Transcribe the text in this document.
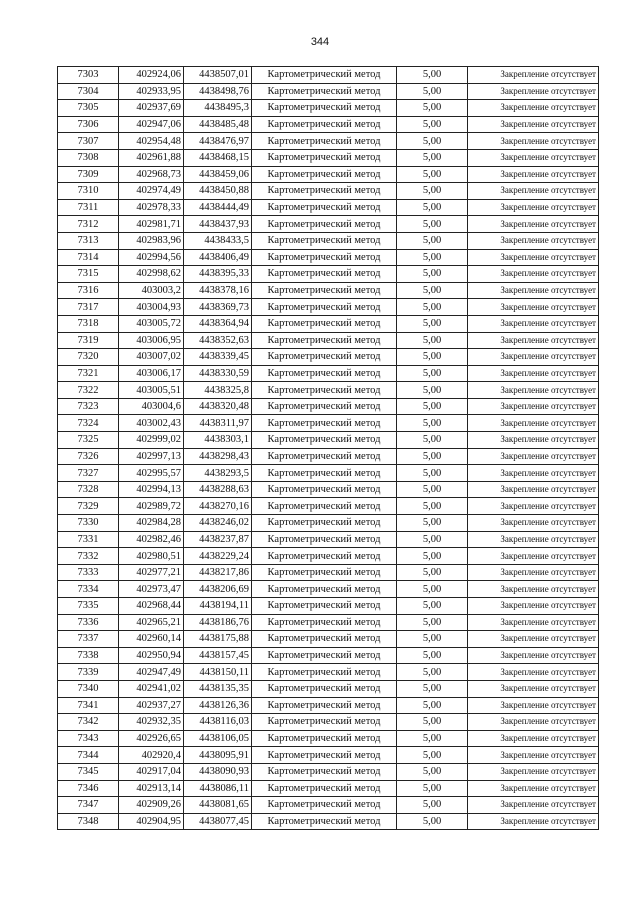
344
7303	402924,06	4438507,01	Картометрический метод	5,00	Закрепление отсутствует
7304	402933,95	4438498,76	Картометрический метод	5,00	Закрепление отсутствует
7305	402937,69	4438495,3	Картометрический метод	5,00	Закрепление отсутствует
7306	402947,06	4438485,48	Картометрический метод	5,00	Закрепление отсутствует
7307	402954,48	4438476,97	Картометрический метод	5,00	Закрепление отсутствует
7308	402961,88	4438468,15	Картометрический метод	5,00	Закрепление отсутствует
7309	402968,73	4438459,06	Картометрический метод	5,00	Закрепление отсутствует
7310	402974,49	4438450,88	Картометрический метод	5,00	Закрепление отсутствует
7311	402978,33	4438444,49	Картометрический метод	5,00	Закрепление отсутствует
7312	402981,71	4438437,93	Картометрический метод	5,00	Закрепление отсутствует
7313	402983,96	4438433,5	Картометрический метод	5,00	Закрепление отсутствует
7314	402994,56	4438406,49	Картометрический метод	5,00	Закрепление отсутствует
7315	402998,62	4438395,33	Картометрический метод	5,00	Закрепление отсутствует
7316	403003,2	4438378,16	Картометрический метод	5,00	Закрепление отсутствует
7317	403004,93	4438369,73	Картометрический метод	5,00	Закрепление отсутствует
7318	403005,72	4438364,94	Картометрический метод	5,00	Закрепление отсутствует
7319	403006,95	4438352,63	Картометрический метод	5,00	Закрепление отсутствует
7320	403007,02	4438339,45	Картометрический метод	5,00	Закрепление отсутствует
7321	403006,17	4438330,59	Картометрический метод	5,00	Закрепление отсутствует
7322	403005,51	4438325,8	Картометрический метод	5,00	Закрепление отсутствует
7323	403004,6	4438320,48	Картометрический метод	5,00	Закрепление отсутствует
7324	403002,43	4438311,97	Картометрический метод	5,00	Закрепление отсутствует
7325	402999,02	4438303,1	Картометрический метод	5,00	Закрепление отсутствует
7326	402997,13	4438298,43	Картометрический метод	5,00	Закрепление отсутствует
7327	402995,57	4438293,5	Картометрический метод	5,00	Закрепление отсутствует
7328	402994,13	4438288,63	Картометрический метод	5,00	Закрепление отсутствует
7329	402989,72	4438270,16	Картометрический метод	5,00	Закрепление отсутствует
7330	402984,28	4438246,02	Картометрический метод	5,00	Закрепление отсутствует
7331	402982,46	4438237,87	Картометрический метод	5,00	Закрепление отсутствует
7332	402980,51	4438229,24	Картометрический метод	5,00	Закрепление отсутствует
7333	402977,21	4438217,86	Картометрический метод	5,00	Закрепление отсутствует
7334	402973,47	4438206,69	Картометрический метод	5,00	Закрепление отсутствует
7335	402968,44	4438194,11	Картометрический метод	5,00	Закрепление отсутствует
7336	402965,21	4438186,76	Картометрический метод	5,00	Закрепление отсутствует
7337	402960,14	4438175,88	Картометрический метод	5,00	Закрепление отсутствует
7338	402950,94	4438157,45	Картометрический метод	5,00	Закрепление отсутствует
7339	402947,49	4438150,11	Картометрический метод	5,00	Закрепление отсутствует
7340	402941,02	4438135,35	Картометрический метод	5,00	Закрепление отсутствует
7341	402937,27	4438126,36	Картометрический метод	5,00	Закрепление отсутствует
7342	402932,35	4438116,03	Картометрический метод	5,00	Закрепление отсутствует
7343	402926,65	4438106,05	Картометрический метод	5,00	Закрепление отсутствует
7344	402920,4	4438095,91	Картометрический метод	5,00	Закрепление отсутствует
7345	402917,04	4438090,93	Картометрический метод	5,00	Закрепление отсутствует
7346	402913,14	4438086,11	Картометрический метод	5,00	Закрепление отсутствует
7347	402909,26	4438081,65	Картометрический метод	5,00	Закрепление отсутствует
7348	402904,95	4438077,45	Картометрический метод	5,00	Закрепление отсутствует
